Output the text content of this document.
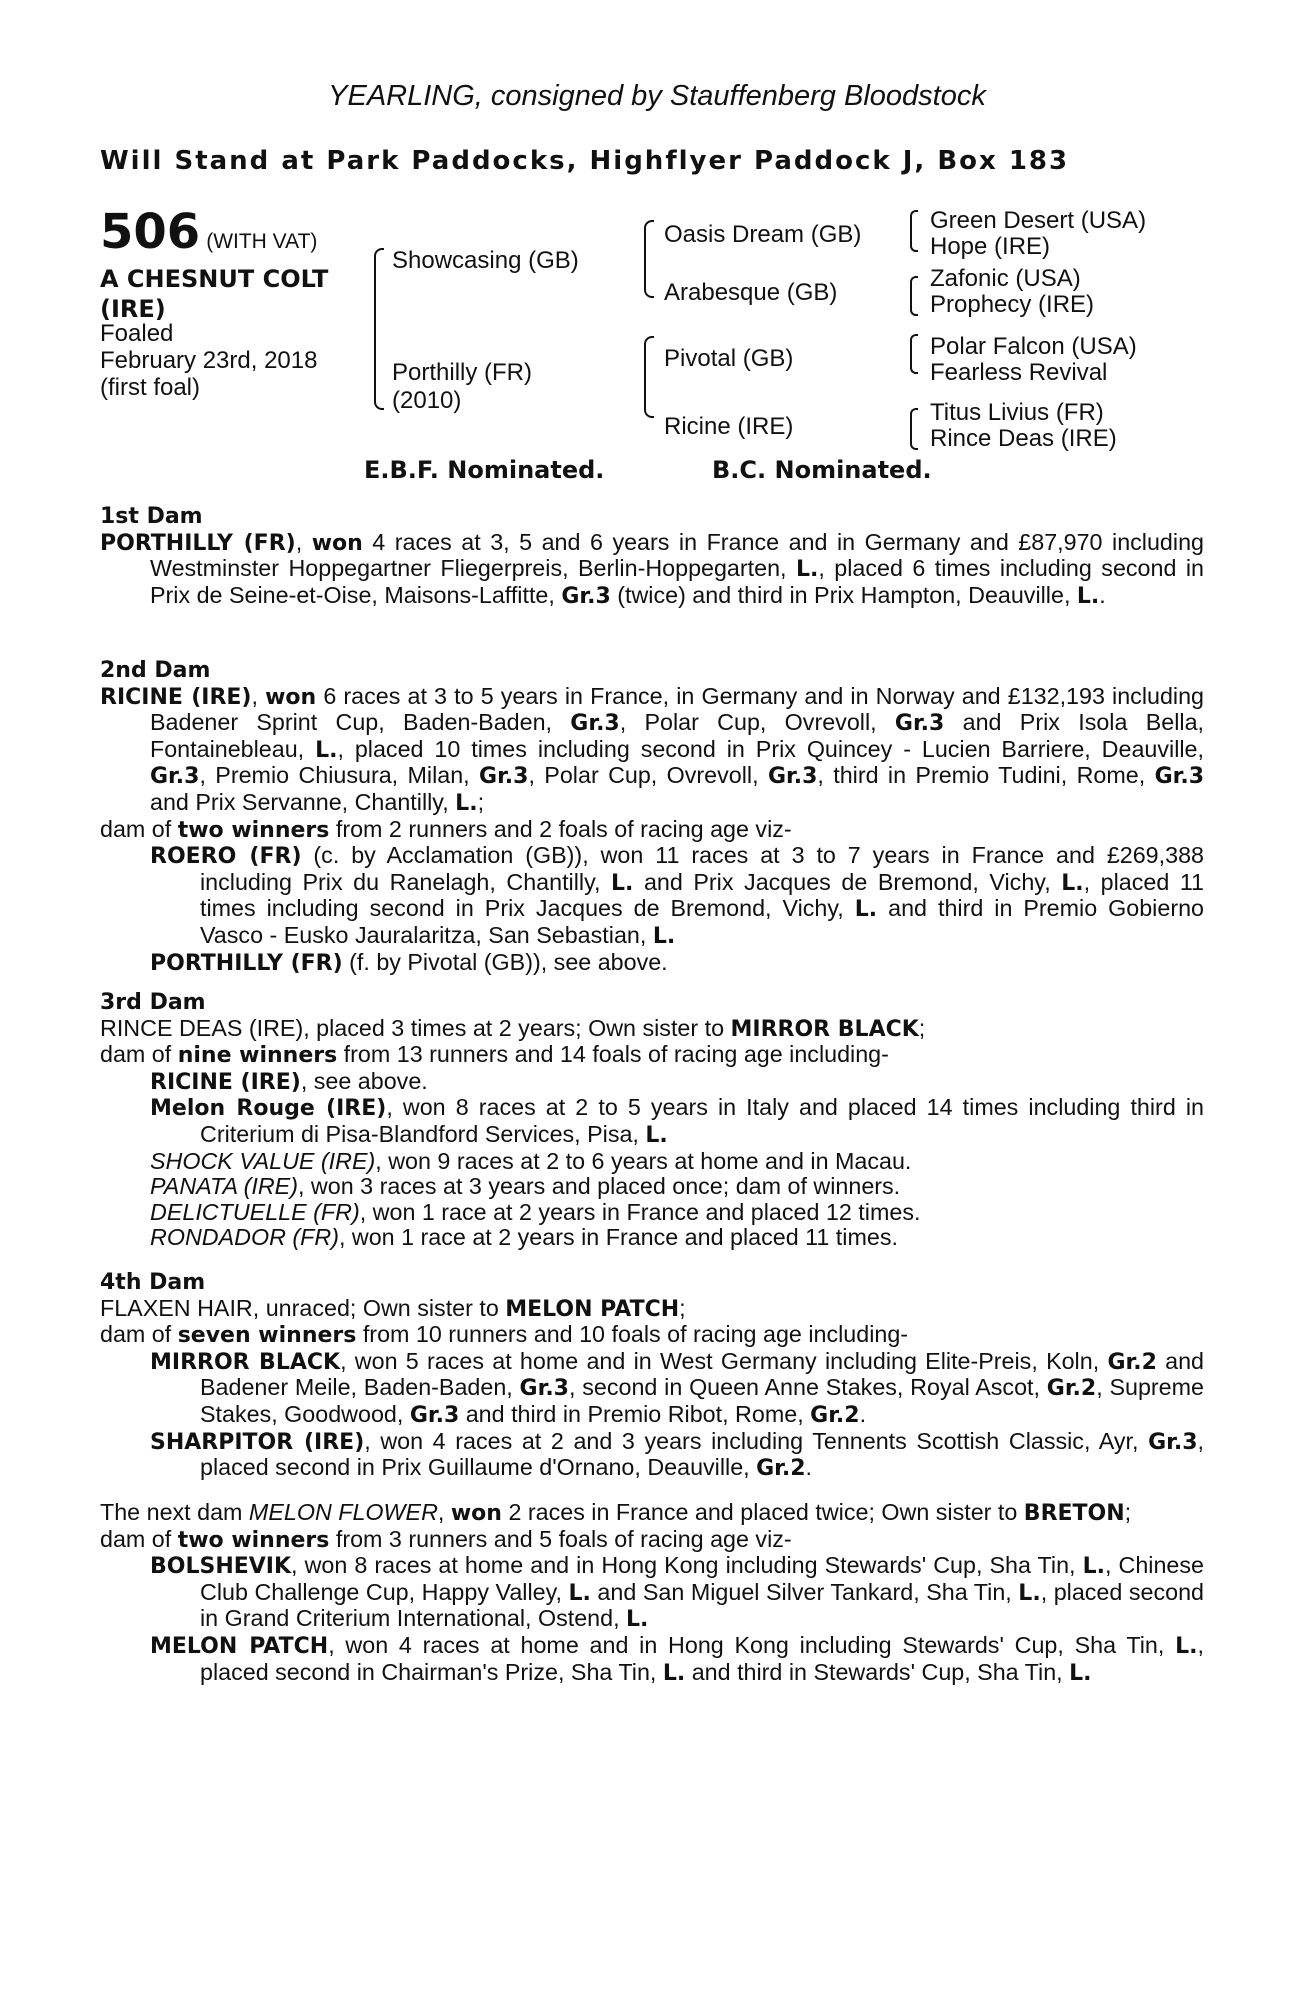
YEARLING, consigned by Stauffenberg Bloodstock
Will Stand at Park Paddocks, Highflyer Paddock J, Box 183
506 (WITH VAT)
A CHESNUT COLT
(IRE)
Foaled
February 23rd, 2018
(first foal)
Showcasing (GB)
Porthilly (FR)
(2010)
Oasis Dream (GB)
Arabesque (GB)
Pivotal (GB)
Ricine (IRE)
Green Desert (USA)
Hope (IRE)
Zafonic (USA)
Prophecy (IRE)
Polar Falcon (USA)
Fearless Revival
Titus Livius (FR)
Rince Deas (IRE)
E.B.F. Nominated.	B.C. Nominated.
1st Dam

PORTHILLY (FR), won 4 races at 3, 5 and 6 years in France and in Germany and £87,970 including Westminster Hoppegartner Fliegerpreis, Berlin-Hoppegarten, L., placed 6 times including second in Prix de Seine-et-Oise, Maisons-Laffitte, Gr.3 (twice) and third in Prix Hampton, Deauville, L..

2nd Dam

RICINE (IRE), won 6 races at 3 to 5 years in France, in Germany and in Norway and £132,193 including Badener Sprint Cup, Baden-Baden, Gr.3, Polar Cup, Ovrevoll, Gr.3 and Prix Isola Bella, Fontainebleau, L., placed 10 times including second in Prix Quincey - Lucien Barriere, Deauville, Gr.3, Premio Chiusura, Milan, Gr.3, Polar Cup, Ovrevoll, Gr.3, third in Premio Tudini, Rome, Gr.3 and Prix Servanne, Chantilly, L.;

dam of two winners from 2 runners and 2 foals of racing age viz-

ROERO (FR) (c. by Acclamation (GB)), won 11 races at 3 to 7 years in France and £269,388 including Prix du Ranelagh, Chantilly, L. and Prix Jacques de Bremond, Vichy, L., placed 11 times including second in Prix Jacques de Bremond, Vichy, L. and third in Premio Gobierno Vasco - Eusko Jauralaritza, San Sebastian, L.

PORTHILLY (FR) (f. by Pivotal (GB)), see above.

3rd Dam

RINCE DEAS (IRE), placed 3 times at 2 years; Own sister to MIRROR BLACK;

dam of nine winners from 13 runners and 14 foals of racing age including-

RICINE (IRE), see above.

Melon Rouge (IRE), won 8 races at 2 to 5 years in Italy and placed 14 times including third in Criterium di Pisa-Blandford Services, Pisa, L.

SHOCK VALUE (IRE), won 9 races at 2 to 6 years at home and in Macau.

PANATA (IRE), won 3 races at 3 years and placed once; dam of winners.

DELICTUELLE (FR), won 1 race at 2 years in France and placed 12 times.

RONDADOR (FR), won 1 race at 2 years in France and placed 11 times.

4th Dam

FLAXEN HAIR, unraced; Own sister to MELON PATCH;

dam of seven winners from 10 runners and 10 foals of racing age including-

MIRROR BLACK, won 5 races at home and in West Germany including Elite-Preis, Koln, Gr.2 and Badener Meile, Baden-Baden, Gr.3, second in Queen Anne Stakes, Royal Ascot, Gr.2, Supreme Stakes, Goodwood, Gr.3 and third in Premio Ribot, Rome, Gr.2.

SHARPITOR (IRE), won 4 races at 2 and 3 years including Tennents Scottish Classic, Ayr, Gr.3, placed second in Prix Guillaume d'Ornano, Deauville, Gr.2.

The next dam MELON FLOWER, won 2 races in France and placed twice; Own sister to BRETON;

dam of two winners from 3 runners and 5 foals of racing age viz-

BOLSHEVIK, won 8 races at home and in Hong Kong including Stewards' Cup, Sha Tin, L., Chinese Club Challenge Cup, Happy Valley, L. and San Miguel Silver Tankard, Sha Tin, L., placed second in Grand Criterium International, Ostend, L.

MELON PATCH, won 4 races at home and in Hong Kong including Stewards' Cup, Sha Tin, L., placed second in Chairman's Prize, Sha Tin, L. and third in Stewards' Cup, Sha Tin, L.
